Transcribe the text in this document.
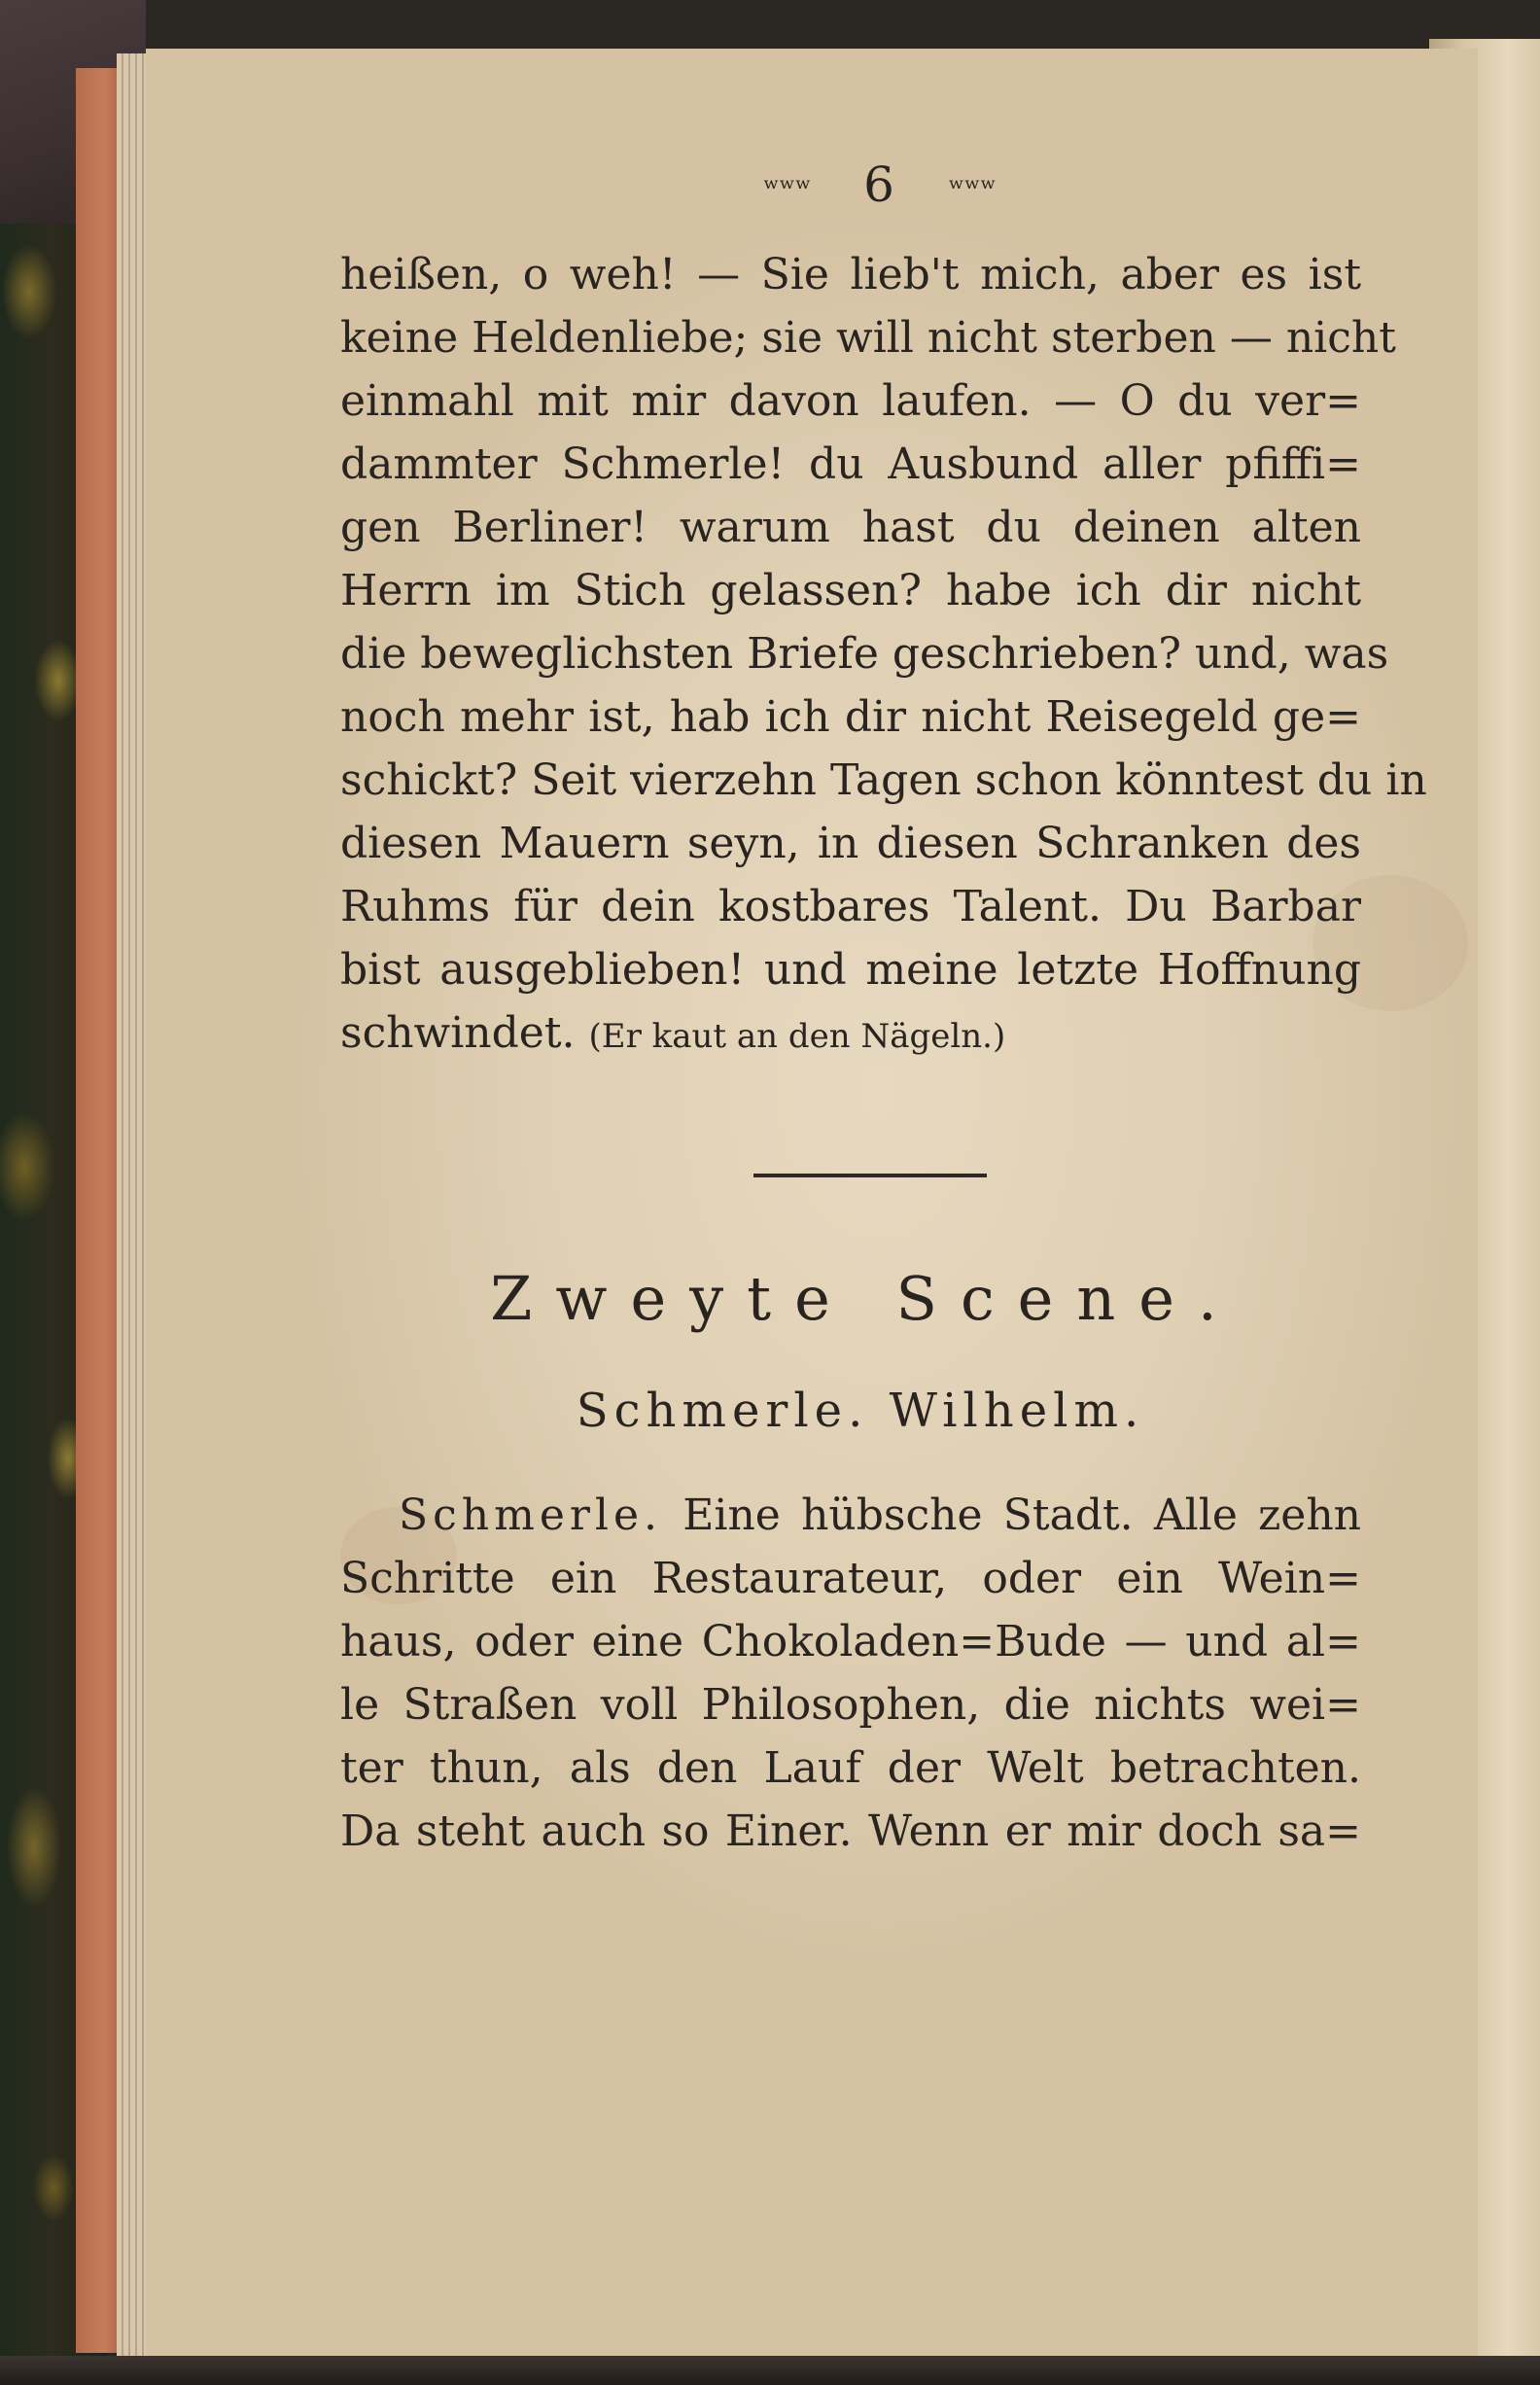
ʷʷʷ 6 ʷʷʷ
heißen, o weh! — Sie lieb't mich, aber es ist
keine Heldenliebe; sie will nicht sterben — nicht
einmahl mit mir davon laufen. — O du ver=
dammter Schmerle! du Ausbund aller pfiffi=
gen Berliner! warum hast du deinen alten
Herrn im Stich gelassen? habe ich dir nicht
die beweglichsten Briefe geschrieben? und, was
noch mehr ist, hab ich dir nicht Reisegeld ge=
schickt? Seit vierzehn Tagen schon könntest du in
diesen Mauern seyn, in diesen Schranken des
Ruhms für dein kostbares Talent. Du Barbar
bist ausgeblieben! und meine letzte Hoffnung
schwindet. (Er kaut an den Nägeln.)
Zweyte Scene.
Schmerle. Wilhelm.
Schmerle. Eine hübsche Stadt. Alle zehn
Schritte ein Restaurateur, oder ein Wein=
haus, oder eine Chokoladen=Bude — und al=
le Straßen voll Philosophen, die nichts wei=
ter thun, als den Lauf der Welt betrachten.
Da steht auch so Einer. Wenn er mir doch sa=
